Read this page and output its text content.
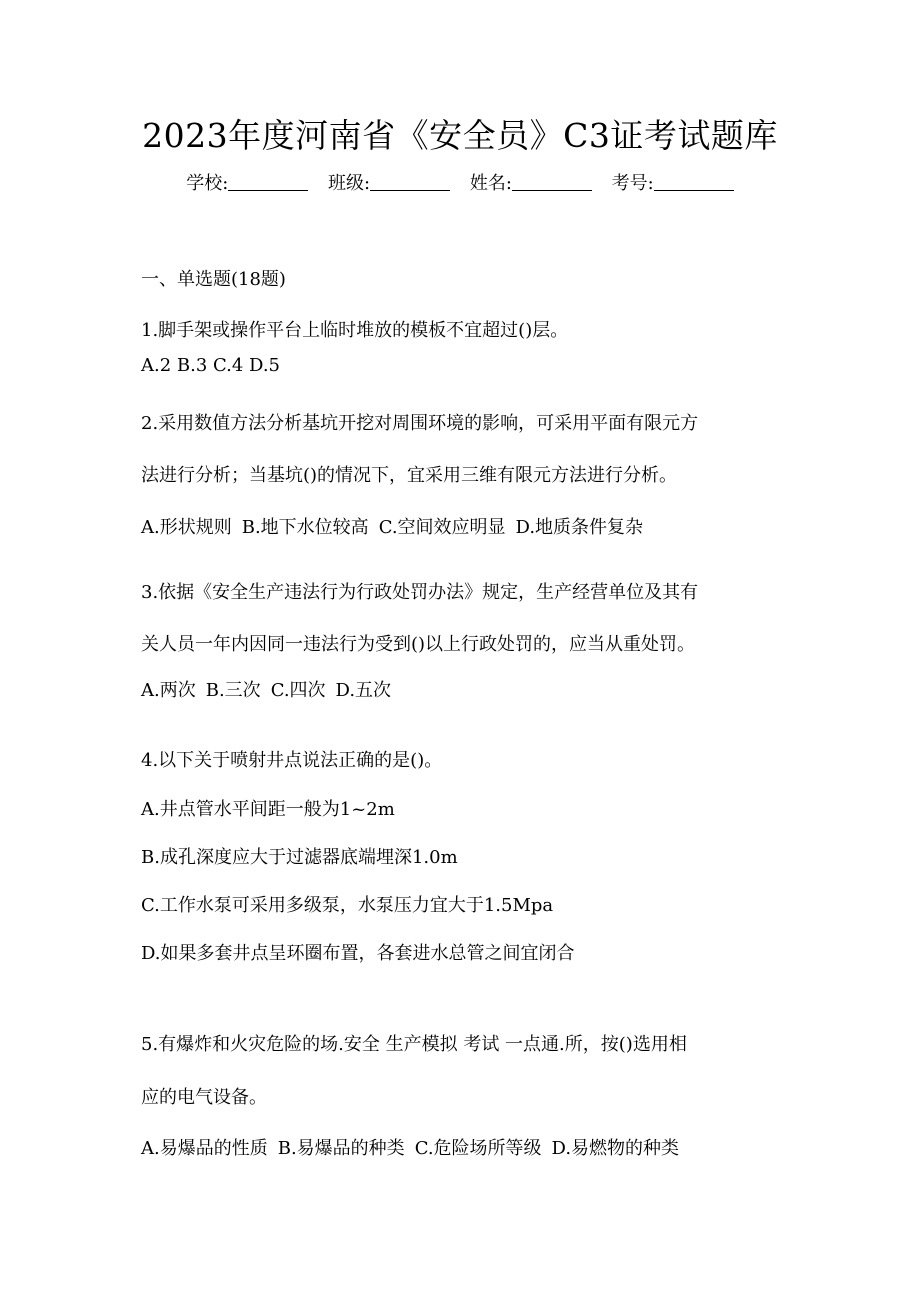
2023年度河南省《安全员》C3证考试题库
学校:	班级:	姓名:	考号:
一、单选题(18题)
1.脚手架或操作平台上临时堆放的模板不宜超过()层。
A.2 B.3 C.4 D.5
2.采用数值方法分析基坑开挖对周围环境的影响，可采用平面有限元方
法进行分析；当基坑()的情况下，宜采用三维有限元方法进行分析。
A.形状规则 B.地下水位较高 C.空间效应明显 D.地质条件复杂
3.依据《安全生产违法行为行政处罚办法》规定，生产经营单位及其有
关人员一年内因同一违法行为受到()以上行政处罚的，应当从重处罚。
A.两次 B.三次 C.四次 D.五次
4.以下关于喷射井点说法正确的是()。
A.井点管水平间距一般为1~2m
B.成孔深度应大于过滤器底端埋深1.0m
C.工作水泵可采用多级泵，水泵压力宜大于1.5Mpa
D.如果多套井点呈环圈布置，各套进水总管之间宜闭合
5.有爆炸和火灾危险的场.安全 生产模拟 考试 一点通.所，按()选用相
应的电气设备。
A.易爆品的性质 B.易爆品的种类 C.危险场所等级 D.易燃物的种类
